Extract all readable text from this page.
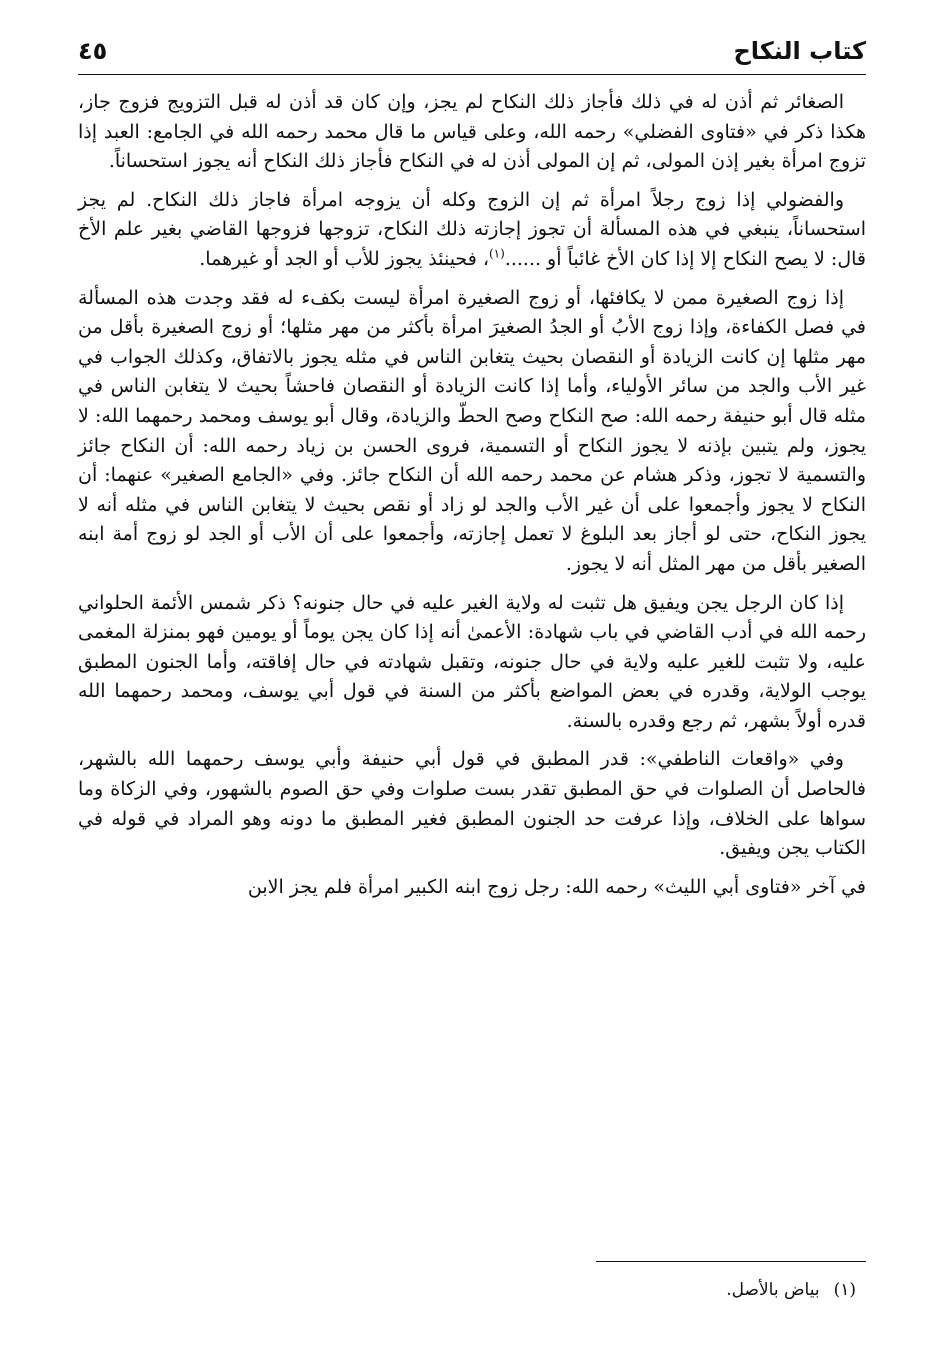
كتاب النكاح
٤٥

الصغائر ثم أذن له في ذلك فأجاز ذلك النكاح لم يجز، وإن كان قد أذن له قبل التزويج فزوج جاز، هكذا ذكر في «فتاوى الفضلي» رحمه الله، وعلى قياس ما قال محمد رحمه الله في الجامع: العبد إذا تزوج امرأة بغير إذن المولى، ثم إن المولى أذن له في النكاح فأجاز ذلك النكاح أنه يجوز استحساناً.

والفضولي إذا زوج رجلاً امرأة ثم إن الزوج وكله أن يزوجه امرأة فاجاز ذلك النكاح. لم يجز استحساناً، ينبغي في هذه المسألة أن تجوز إجازته ذلك النكاح، تزوجها فزوجها القاضي بغير علم الأخ قال: لا يصح النكاح إلا إذا كان الأخ غائباً أو ......$^{(١)}$، فحينئذ يجوز للأب أو الجد أو غيرهما.

إذا زوج الصغيرة ممن لا يكافئها، أو زوج الصغيرة امرأة ليست بكفء له فقد وجدت هذه المسألة في فصل الكفاءة، وإذا زوج الأبُ أو الجدُ الصغيرَ امرأة بأكثر من مهر مثلها؛ أو زوج الصغيرة بأقل من مهر مثلها إن كانت الزيادة أو النقصان بحيث يتغابن الناس في مثله يجوز بالاتفاق، وكذلك الجواب في غير الأب والجد من سائر الأولياء، وأما إذا كانت الزيادة أو النقصان فاحشاً بحيث لا يتغابن الناس في مثله قال أبو حنيفة رحمه الله: صح النكاح وصح الحطّ والزيادة، وقال أبو يوسف ومحمد رحمهما الله: لا يجوز، ولم يتبين بإذنه لا يجوز النكاح أو التسمية، فروى الحسن بن زياد رحمه الله: أن النكاح جائز والتسمية لا تجوز، وذكر هشام عن محمد رحمه الله أن النكاح جائز. وفي «الجامع الصغير» عنهما: أن النكاح لا يجوز وأجمعوا على أن غير الأب والجد لو زاد أو نقص بحيث لا يتغابن الناس في مثله أنه لا يجوز النكاح، حتى لو أجاز بعد البلوغ لا تعمل إجازته، وأجمعوا على أن الأب أو الجد لو زوج أمة ابنه الصغير بأقل من مهر المثل أنه لا يجوز.

إذا كان الرجل يجن ويفيق هل تثبت له ولاية الغير عليه في حال جنونه؟ ذكر شمس الأئمة الحلواني رحمه الله في أدب القاضي في باب شهادة: الأعمىٰ أنه إذا كان يجن يوماً أو يومين فهو بمنزلة المغمى عليه، ولا تثبت للغير عليه ولاية في حال جنونه، وتقبل شهادته في حال إفاقته، وأما الجنون المطبق يوجب الولاية، وقدره في بعض المواضع بأكثر من السنة في قول أبي يوسف، ومحمد رحمهما الله قدره أولاً بشهر، ثم رجع وقدره بالسنة.

وفي «واقعات الناطفي»: قدر المطبق في قول أبي حنيفة وأبي يوسف رحمهما الله بالشهر، فالحاصل أن الصلوات في حق المطبق تقدر بست صلوات وفي حق الصوم بالشهور، وفي الزكاة وما سواها على الخلاف، وإذا عرفت حد الجنون المطبق فغير المطبق ما دونه وهو المراد في قوله في الكتاب يجن ويفيق.

في آخر «فتاوى أبي الليث» رحمه الله: رجل زوج ابنه الكبير امرأة فلم يجز الابن

(١)
بياض بالأصل.
